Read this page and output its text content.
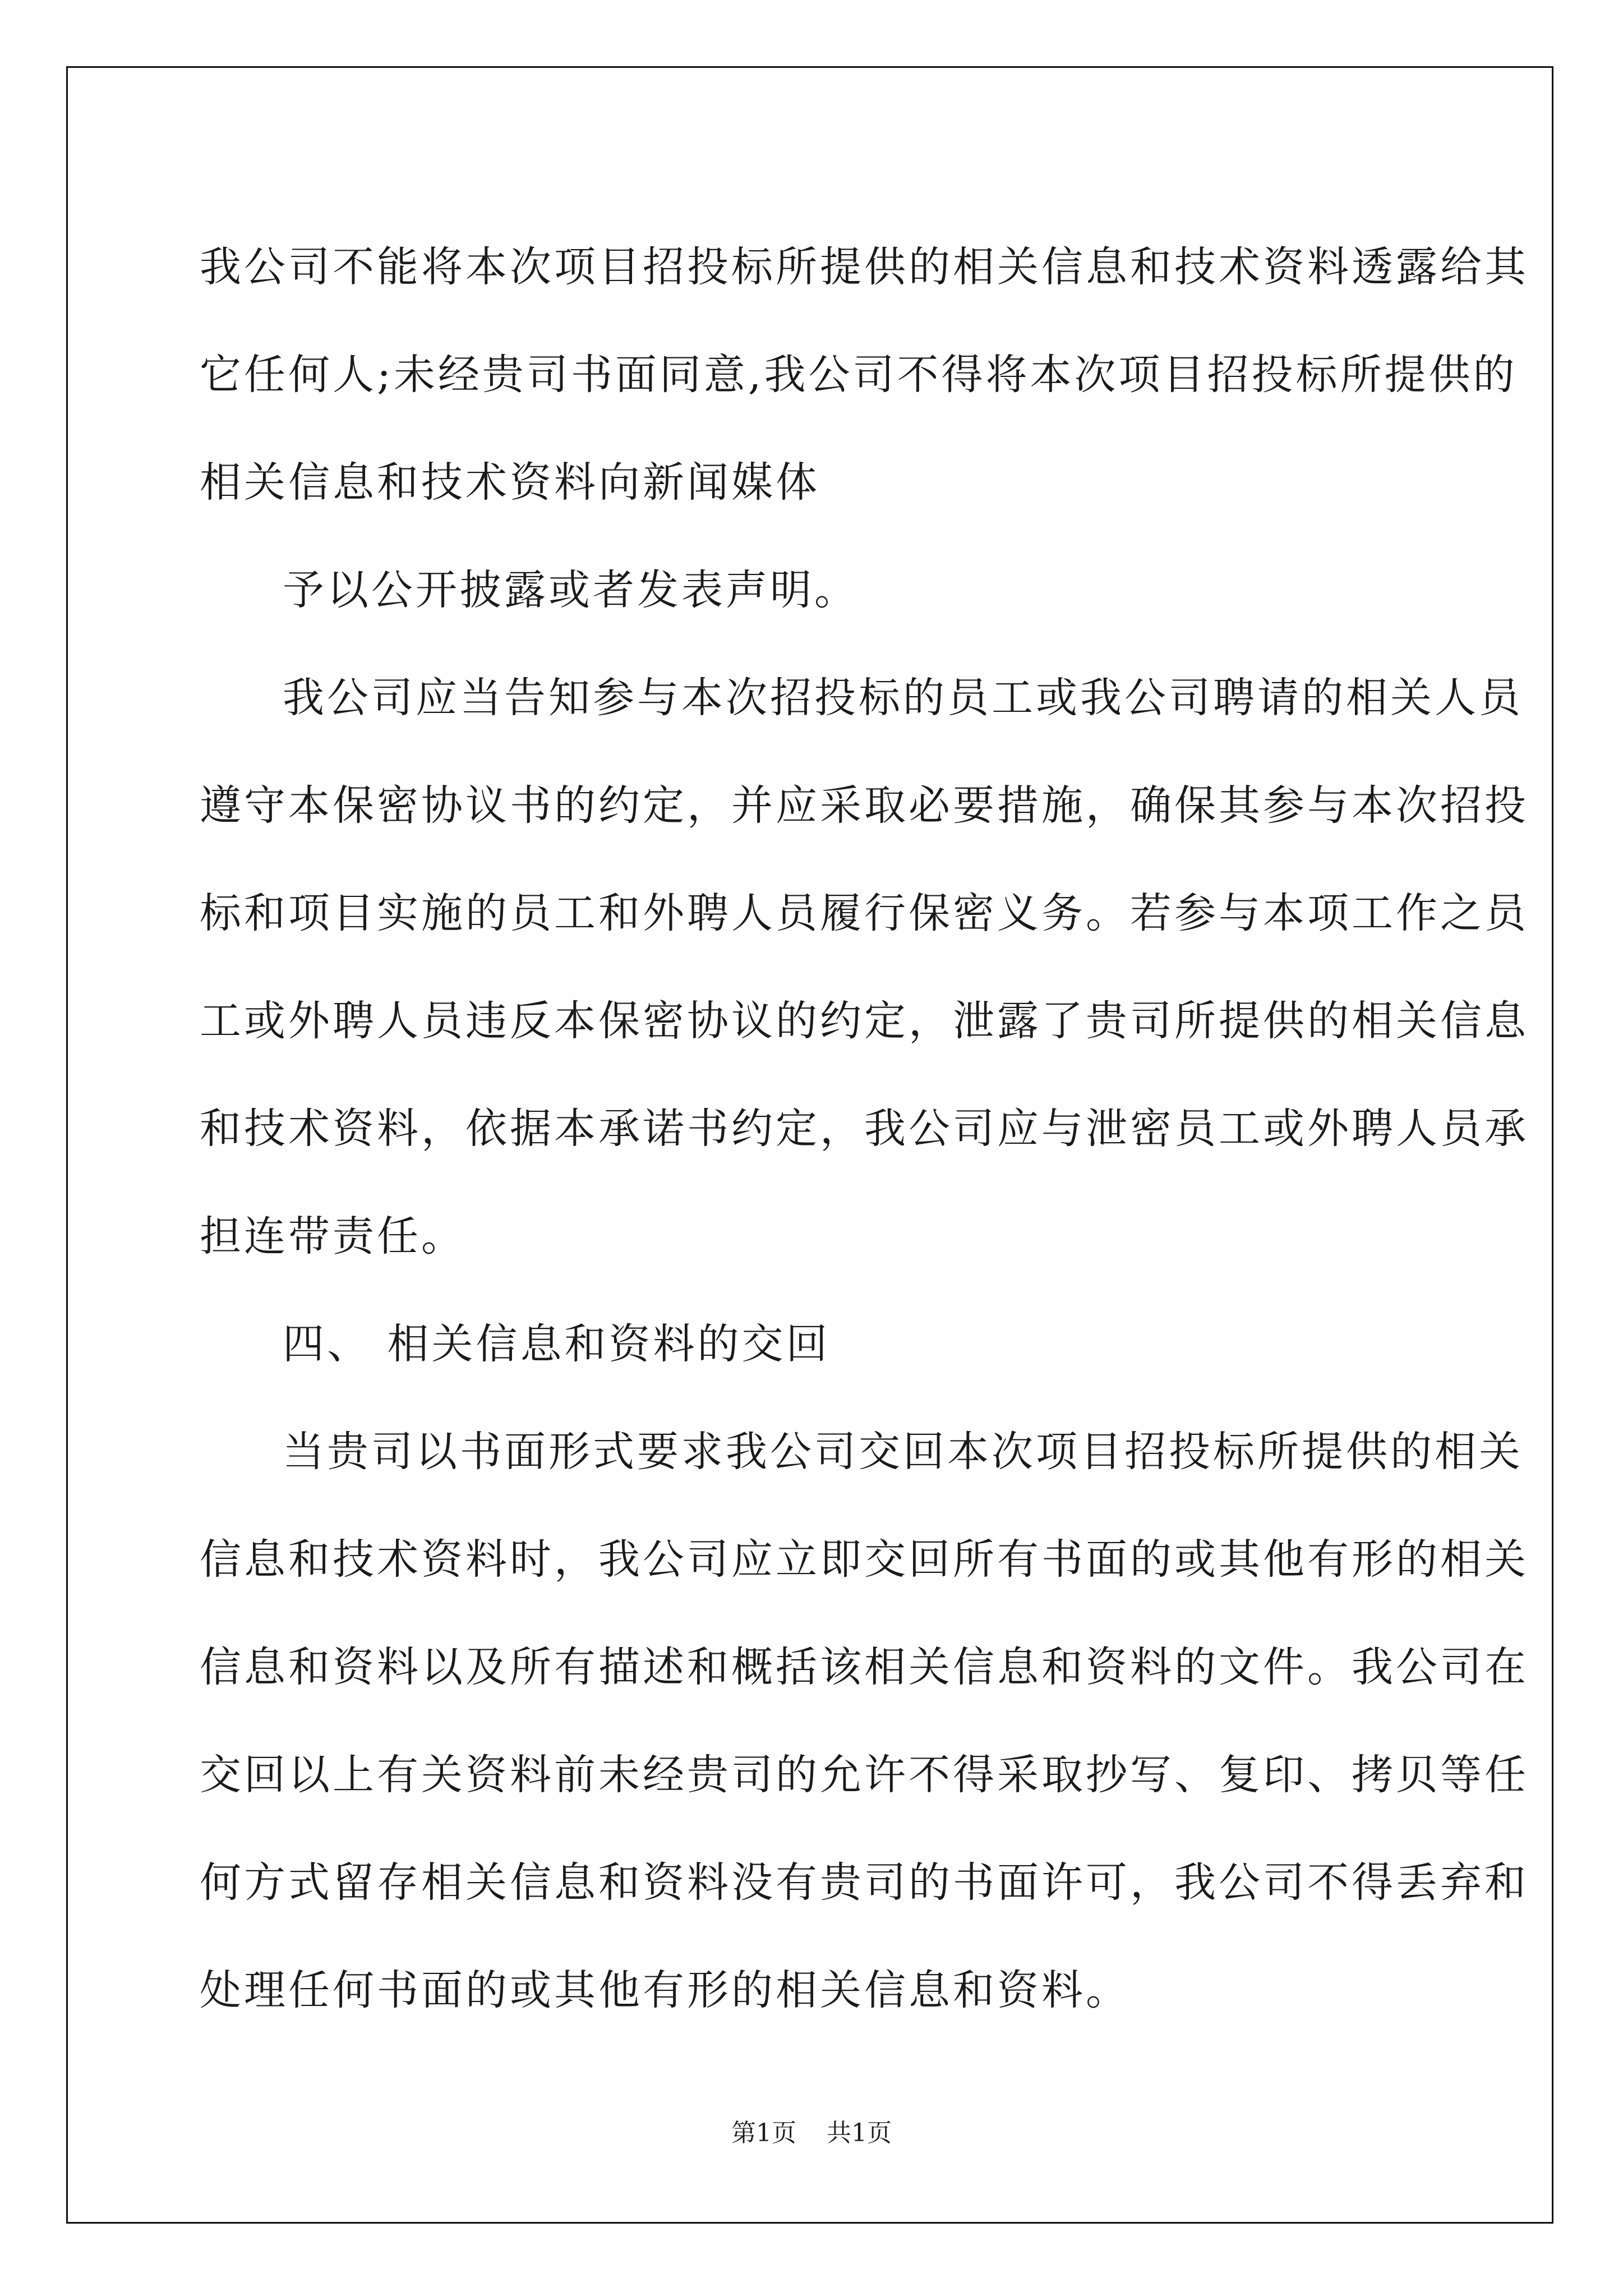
我公司不能将本次项目招投标所提供的相关信息和技术资料透露给其
它任何人;未经贵司书面同意,我公司不得将本次项目招投标所提供的
相关信息和技术资料向新闻媒体
予以公开披露或者发表声明。
我公司应当告知参与本次招投标的员工或我公司聘请的相关人员
遵守本保密协议书的约定，并应采取必要措施，确保其参与本次招投
标和项目实施的员工和外聘人员履行保密义务。若参与本项工作之员
工或外聘人员违反本保密协议的约定，泄露了贵司所提供的相关信息
和技术资料，依据本承诺书约定，我公司应与泄密员工或外聘人员承
担连带责任。
四、 相关信息和资料的交回
当贵司以书面形式要求我公司交回本次项目招投标所提供的相关
信息和技术资料时，我公司应立即交回所有书面的或其他有形的相关
信息和资料以及所有描述和概括该相关信息和资料的文件。我公司在
交回以上有关资料前未经贵司的允许不得采取抄写、复印、拷贝等任
何方式留存相关信息和资料没有贵司的书面许可，我公司不得丢弃和
处理任何书面的或其他有形的相关信息和资料。
第1页 共1页
